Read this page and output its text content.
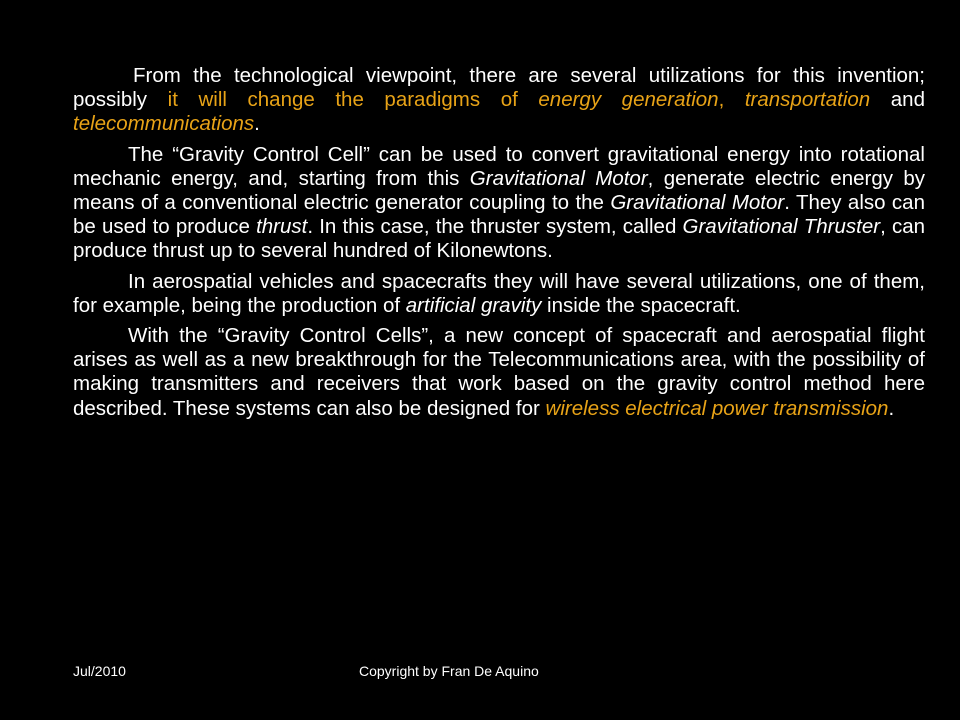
From the technological viewpoint, there are several utilizations for this invention; possibly it will change the paradigms of energy generation, transportation and telecommunications.

The “Gravity Control Cell” can be used to convert gravitational energy into rotational mechanic energy, and, starting from this Gravitational Motor, generate electric energy by means of a conventional electric generator coupling to the Gravitational Motor. They also can be used to produce thrust. In this case, the thruster system, called Gravitational Thruster, can produce thrust up to several hundred of Kilonewtons.

In aerospatial vehicles and spacecrafts they will have several utilizations, one of them, for example, being the production of artificial gravity inside the spacecraft.

With the “Gravity Control Cells”, a new concept of spacecraft and aerospatial flight arises as well as a new breakthrough for the Telecommunications area, with the possibility of making transmitters and receivers that work based on the gravity control method here described. These systems can also be designed for wireless electrical power transmission.

Jul/2010	Copyright by Fran De Aquino
